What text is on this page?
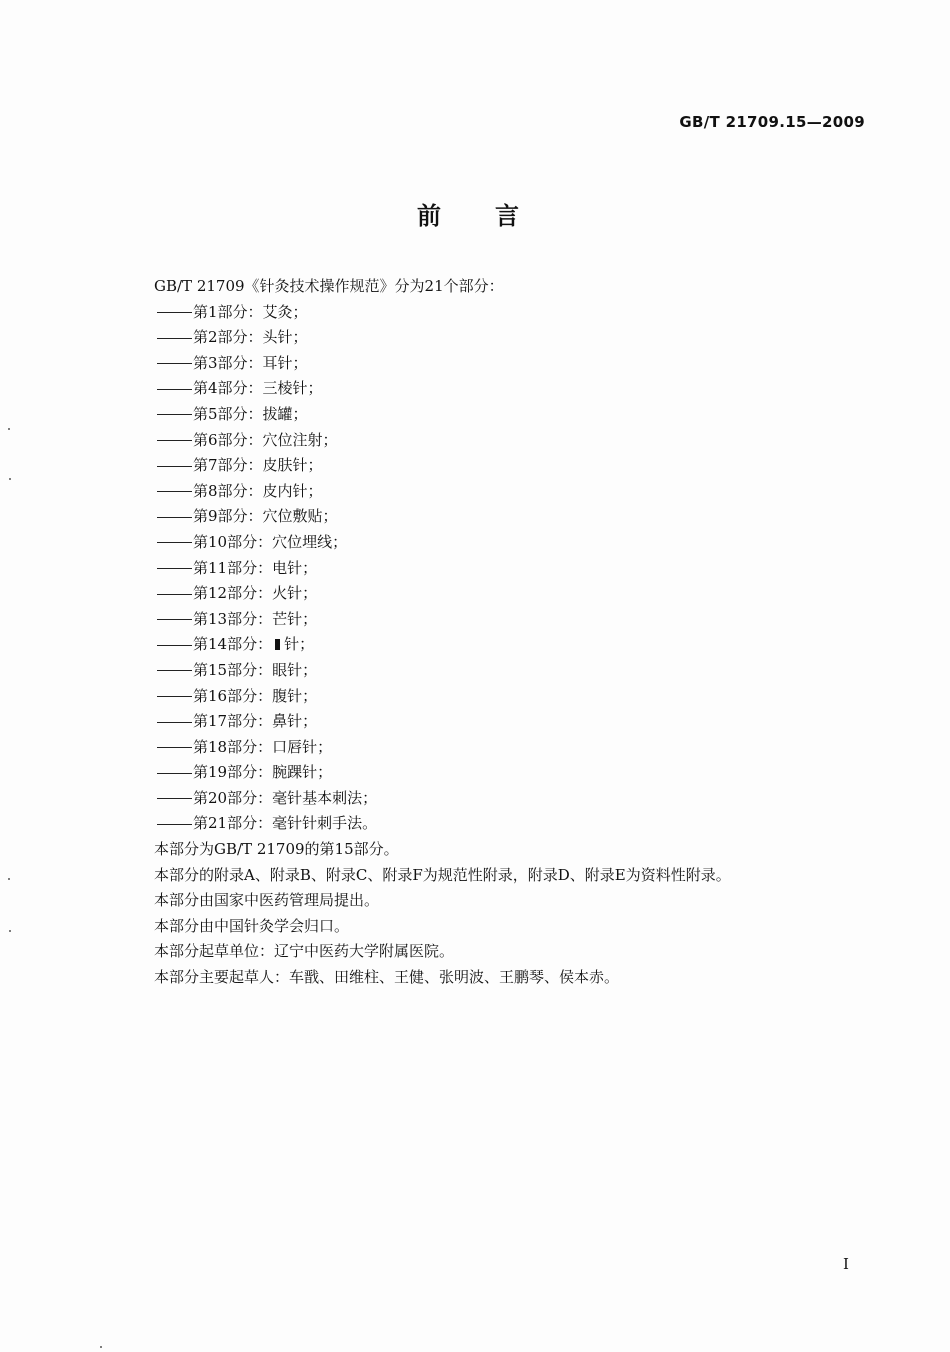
GB/T 21709.15—2009
前言

GB/T 21709《针灸技术操作规范》分为21个部分：

第1部分：艾灸；

第2部分：头针；

第3部分：耳针；

第4部分：三棱针；

第5部分：拔罐；

第6部分：穴位注射；

第7部分：皮肤针；

第8部分：皮内针；

第9部分：穴位敷贴；

第10部分：穴位埋线；

第11部分：电针；

第12部分：火针；

第13部分：芒针；

第14部分： 针；

第15部分：眼针；

第16部分：腹针；

第17部分：鼻针；

第18部分：口唇针；

第19部分：腕踝针；

第20部分：毫针基本刺法；

第21部分：毫针针刺手法。

本部分为GB/T 21709的第15部分。

本部分的附录A、附录B、附录C、附录F为规范性附录，附录D、附录E为资料性附录。

本部分由国家中医药管理局提出。

本部分由中国针灸学会归口。

本部分起草单位：辽宁中医药大学附属医院。

本部分主要起草人：车戬、田维柱、王健、张明波、王鹏琴、侯本赤。

I
